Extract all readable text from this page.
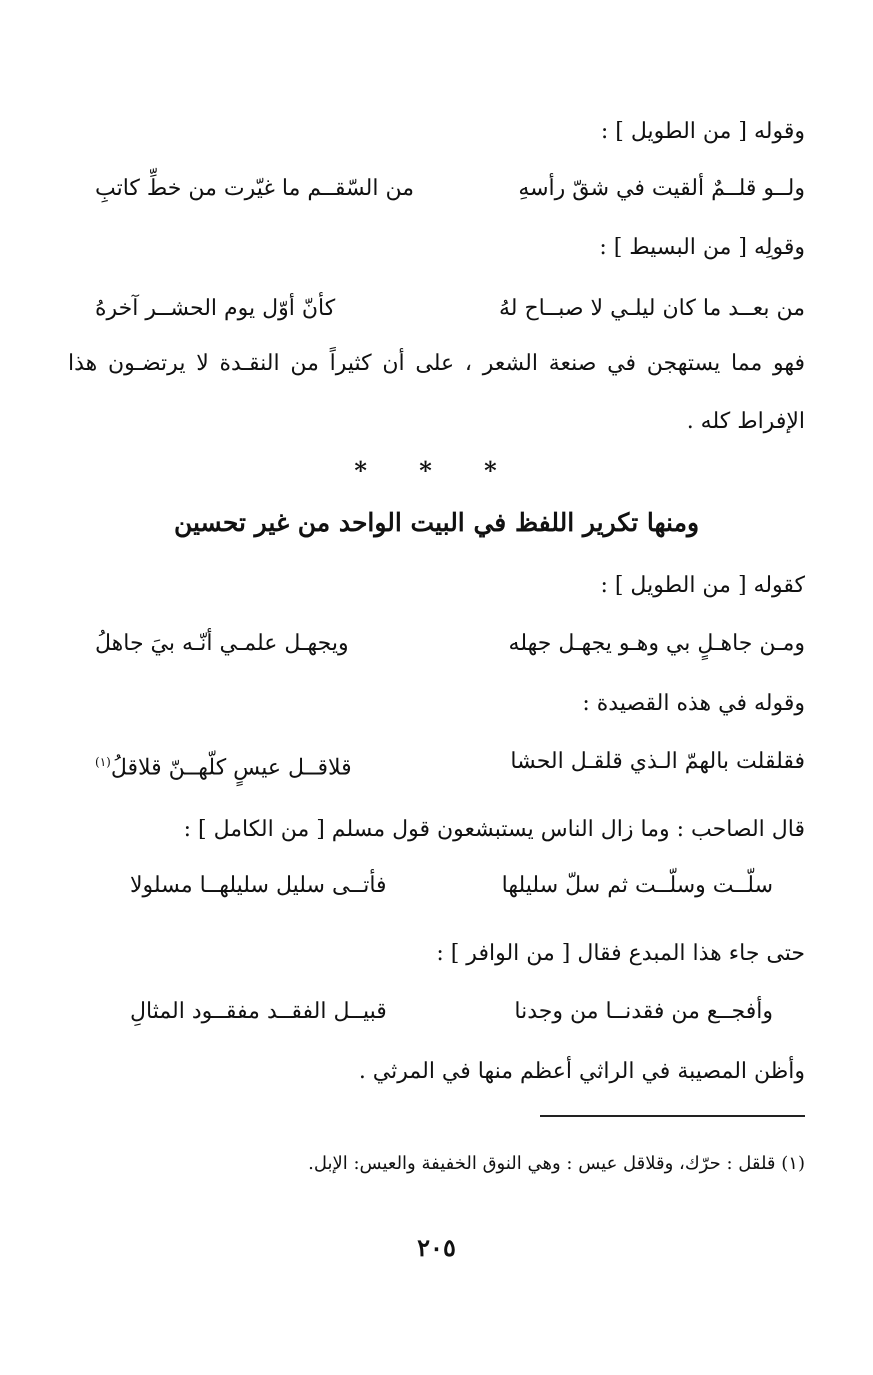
وقوله [ من الطويل ] :
ولــو قلــمٌ ألقيت في شقّ رأسهِ
من السّقــم ما غيّرت من خطِّ كاتبِ
وقولِه [ من البسيط ] :
من بعــد ما كان ليلـي لا صبــاح لهُ
كأنّ أوّل يوم الحشــر آخرهُ
فهو مما يستهجن في صنعة الشعر ، على أن كثيراً من النقـدة لا يرتضـون هذا الإفراط كله .
* * *
ومنها تكرير اللفظ في البيت الواحد من غير تحسين
كقوله [ من الطويل ] :
ومـن جاهـلٍ بي وهـو يجهـل جهله
ويجهـل علمـي أنّـه بيَ جاهلُ
وقوله في هذه القصيدة :
فقلقلت بالهمّ الـذي قلقـل الحشا
قلاقــل عيسٍ كلّهــنّ قلاقلُ$^{(١)}$
قال الصاحب : وما زال الناس يستبشعون قول مسلم [ من الكامل ] :
سلّــت وسلّــت ثم سلّ سليلها
فأتــى سليل سليلهــا مسلولا
حتى جاء هذا المبدع فقال [ من الوافر ] :
وأفجــع من فقدنــا من وجدنا
قبيــل الفقــد مفقــود المثالِ
وأظن المصيبة في الراثي أعظم منها في المرثي .
(١) قلقل : حرّك، وقلاقل عيس : وهي النوق الخفيفة والعيس: الإبل.
٢٠٥
